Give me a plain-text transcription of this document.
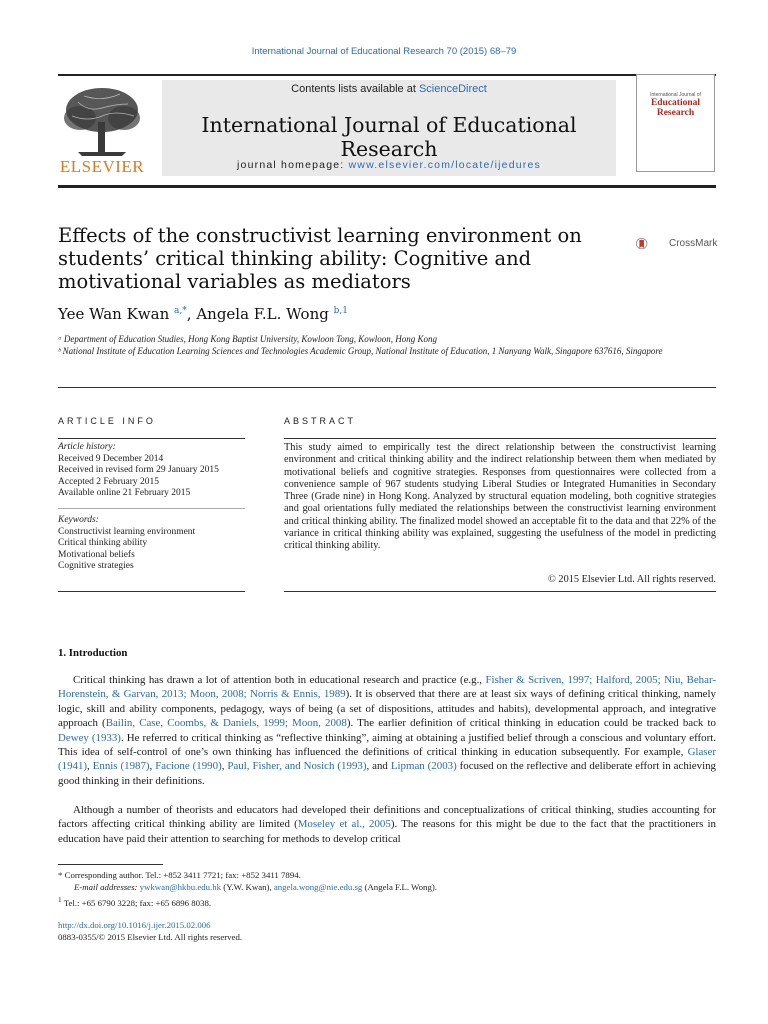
International Journal of Educational Research 70 (2015) 68–79
ELSEVIER
Contents lists available at ScienceDirect
International Journal of Educational Research
journal homepage: www.elsevier.com/locate/ijedures
International Journal of
Educational Research
Effects of the constructivist learning environment on students’ critical thinking ability: Cognitive and motivational variables as mediators
CrossMark
Yee Wan Kwan $^{a,*}$, Angela F.L. Wong $^{b,1}$
ᵃ Department of Education Studies, Hong Kong Baptist University, Kowloon Tong, Kowloon, Hong Kong
ᵇ National Institute of Education Learning Sciences and Technologies Academic Group, National Institute of Education, 1 Nanyang Walk, Singapore 637616, Singapore
ARTICLE INFO	ABSTRACT
Article history:
Received 9 December 2014
Received in revised form 29 January 2015
Accepted 2 February 2015
Available online 21 February 2015
Keywords:
Constructivist learning environment
Critical thinking ability
Motivational beliefs
Cognitive strategies
This study aimed to empirically test the direct relationship between the constructivist learning environment and critical thinking ability and the indirect relationship between them when mediated by motivational beliefs and cognitive strategies. Responses from questionnaires were collected from a convenience sample of 967 students studying Liberal Studies or Integrated Humanities in Secondary Three (Grade nine) in Hong Kong. Analyzed by structural equation modeling, both cognitive strategies and goal orientations fully mediated the relationships between the constructivist learning environment and critical thinking ability. The finalized model showed an acceptable fit to the data and that 22% of the variance in critical thinking ability was explained, suggesting the usefulness of the model in predicting critical thinking ability.
© 2015 Elsevier Ltd. All rights reserved.
1. Introduction
Critical thinking has drawn a lot of attention both in educational research and practice (e.g., Fisher & Scriven, 1997; Halford, 2005; Niu, Behar-Horenstein, & Garvan, 2013; Moon, 2008; Norris & Ennis, 1989). It is observed that there are at least six ways of defining critical thinking, namely logic, skill and ability components, pedagogy, ways of being (a set of dispositions, attitudes and habits), developmental approach, and integrative approach (Bailin, Case, Coombs, & Daniels, 1999; Moon, 2008). The earlier definition of critical thinking in education could be tracked back to Dewey (1933). He referred to critical thinking as “reflective thinking”, aiming at obtaining a justified belief through a conscious and voluntary effort. This idea of self-control of one’s own thinking has influenced the definitions of critical thinking in education subsequently. For example, Glaser (1941), Ennis (1987), Facione (1990), Paul, Fisher, and Nosich (1993), and Lipman (2003) focused on the reflective and deliberate effort in achieving good thinking in their definitions.
Although a number of theorists and educators had developed their definitions and conceptualizations of critical thinking, studies accounting for factors affecting critical thinking ability are limited (Moseley et al., 2005). The reasons for this might be due to the fact that the practitioners in education have paid their attention to searching for methods to develop critical
* Corresponding author. Tel.: +852 3411 7721; fax: +852 3411 7894.
E-mail addresses: ywkwan@hkbu.edu.hk (Y.W. Kwan), angela.wong@nie.edu.sg (Angela F.L. Wong).
$^1$ Tel.: +65 6790 3228; fax: +65 6896 8038.
http://dx.doi.org/10.1016/j.ijer.2015.02.006
0883-0355/© 2015 Elsevier Ltd. All rights reserved.
